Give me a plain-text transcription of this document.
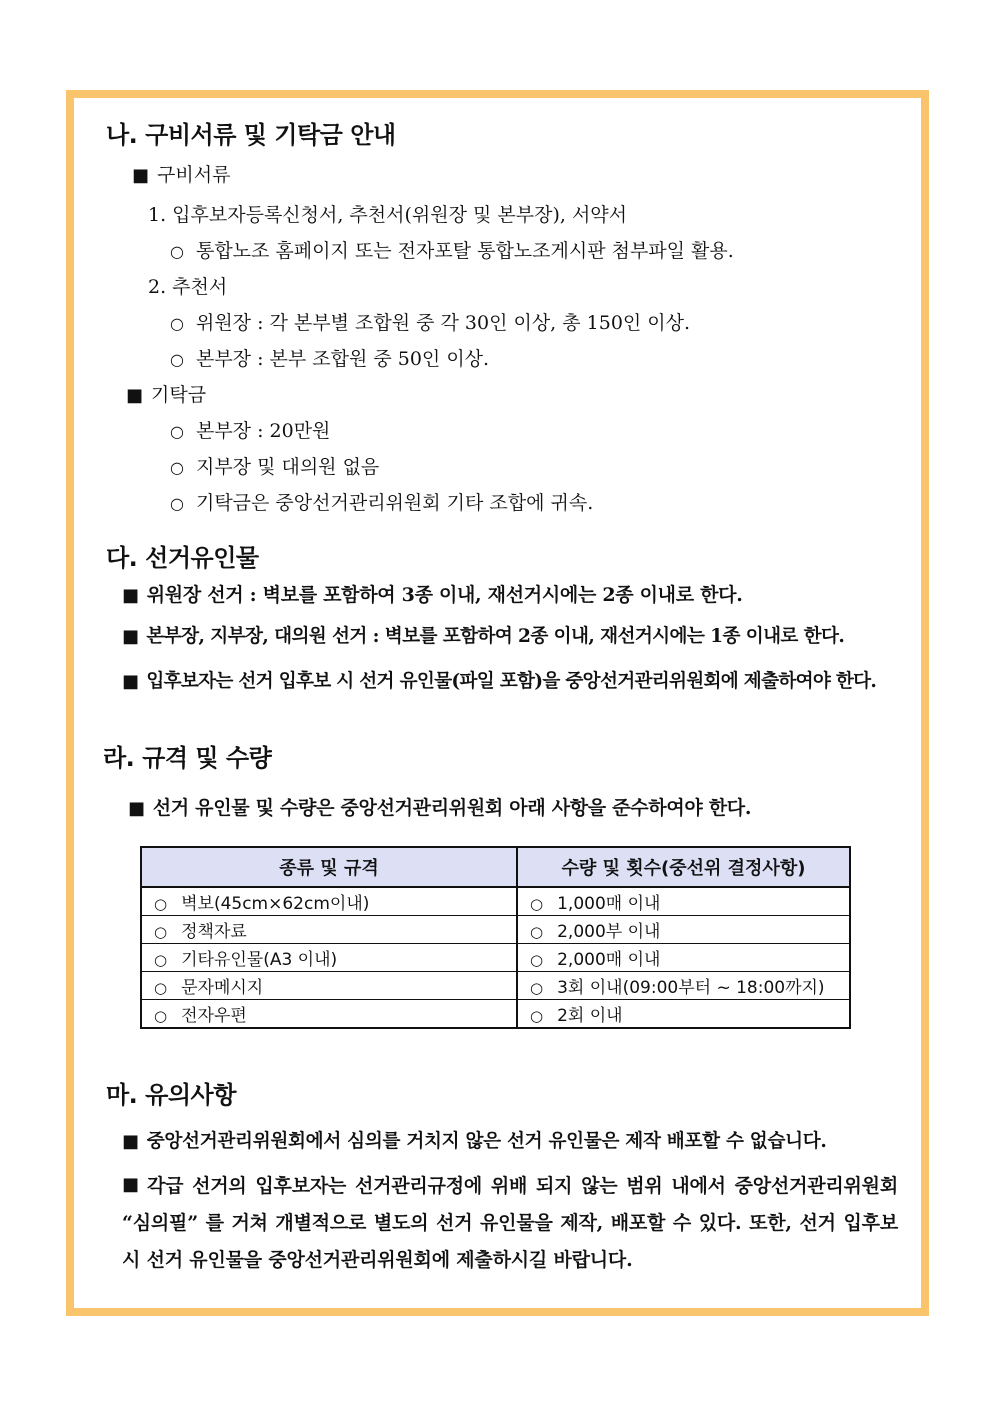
나. 구비서류 및 기탁금 안내
■ 구비서류
1. 입후보자등록신청서, 추천서(위원장 및 본부장), 서약서
○ 통합노조 홈페이지 또는 전자포탈 통합노조게시판 첨부파일 활용.
2. 추천서
○ 위원장 : 각 본부별 조합원 중 각 30인 이상, 총 150인 이상.
○ 본부장 : 본부 조합원 중 50인 이상.
■ 기탁금
○ 본부장 : 20만원
○ 지부장 및 대의원 없음
○ 기탁금은 중앙선거관리위원회 기타 조합에 귀속.
다. 선거유인물
■ 위원장 선거 : 벽보를 포함하여 3종 이내, 재선거시에는 2종 이내로 한다.
■ 본부장, 지부장, 대의원 선거 : 벽보를 포함하여 2종 이내, 재선거시에는 1종 이내로 한다.
■ 입후보자는 선거 입후보 시 선거 유인물(파일 포함)을 중앙선거관리위원회에 제출하여야 한다.
라. 규격 및 수량
■ 선거 유인물 및 수량은 중앙선거관리위원회 아래 사항을 준수하여야 한다.
종류 및 규격	수량 및 횟수(중선위 결정사항)
○ 벽보(45cm×62cm이내)	○ 1,000매 이내
○ 정책자료	○ 2,000부 이내
○ 기타유인물(A3 이내)	○ 2,000매 이내
○ 문자메시지	○ 3회 이내(09:00부터 ~ 18:00까지)
○ 전자우편	○ 2회 이내
마. 유의사항
■ 중앙선거관리위원회에서 심의를 거치지 않은 선거 유인물은 제작 배포할 수 없습니다.
■ 각급 선거의 입후보자는 선거관리규정에 위배 되지 않는 범위 내에서 중앙선거관리위원회 “심의필” 를 거쳐 개별적으로 별도의 선거 유인물을 제작, 배포할 수 있다. 또한, 선거 입후보 시 선거 유인물을 중앙선거관리위원회에 제출하시길 바랍니다.
